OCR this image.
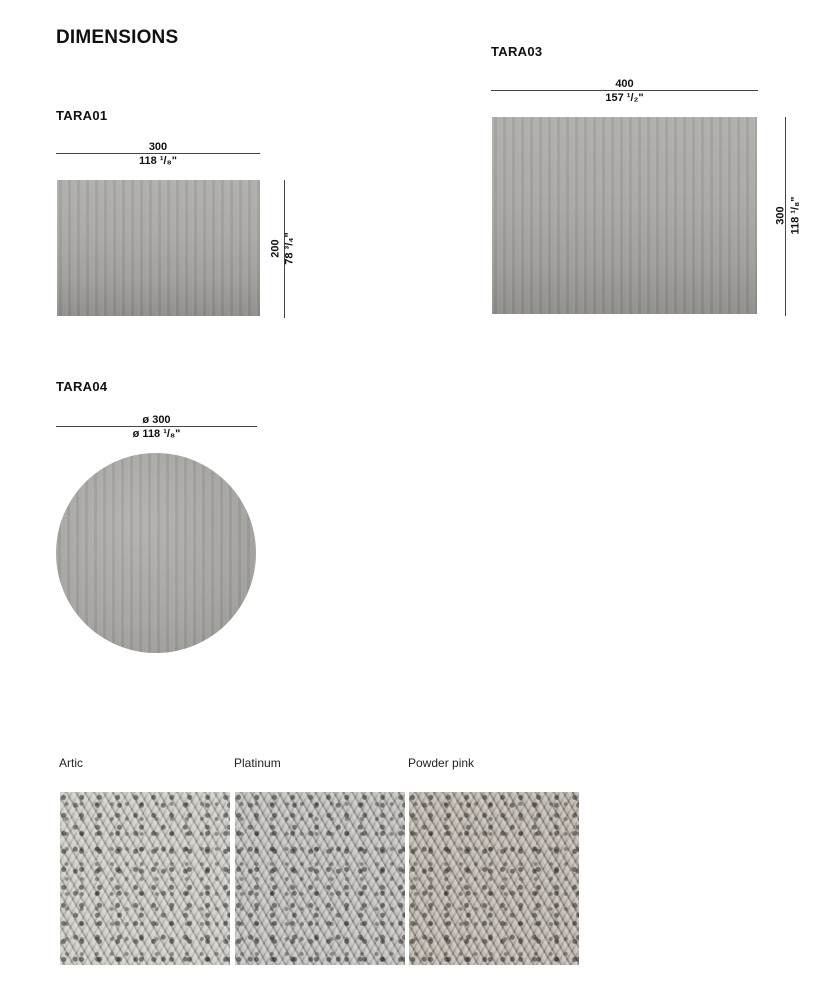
DIMENSIONS
TARA01
300
118 ¹/₈"
200 78 ³/₄"
TARA03
400
157 ¹/₂"
300 118 ¹/₈"
TARA04
ø 300
ø 118 ¹/₈"
Artic	Platinum	Powder pink
